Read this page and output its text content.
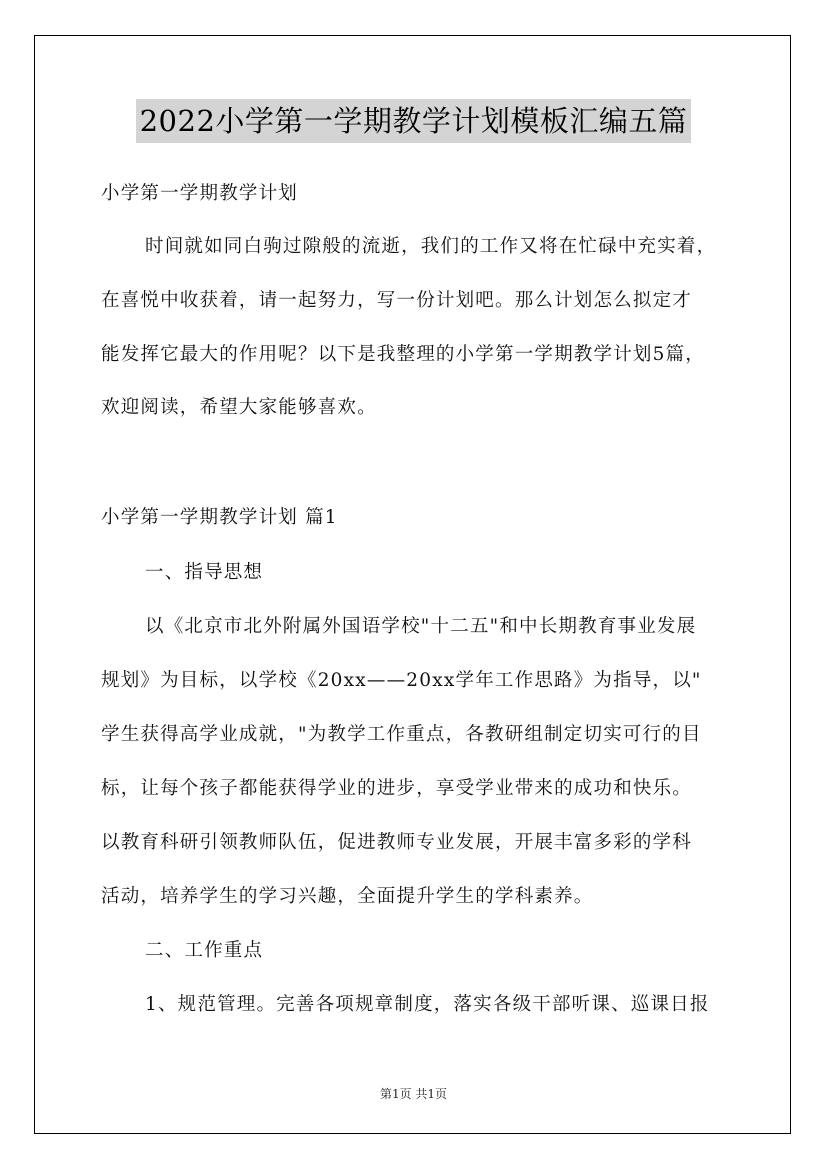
2022小学第一学期教学计划模板汇编五篇
小学第一学期教学计划
时间就如同白驹过隙般的流逝，我们的工作又将在忙碌中充实着，
在喜悦中收获着，请一起努力，写一份计划吧。那么计划怎么拟定才
能发挥它最大的作用呢？以下是我整理的小学第一学期教学计划5篇，
欢迎阅读，希望大家能够喜欢。
小学第一学期教学计划 篇1
一、指导思想
以《北京市北外附属外国语学校"十二五"和中长期教育事业发展
规划》为目标，以学校《20xx——20xx学年工作思路》为指导，以"
学生获得高学业成就，"为教学工作重点，各教研组制定切实可行的目
标，让每个孩子都能获得学业的进步，享受学业带来的成功和快乐。
以教育科研引领教师队伍，促进教师专业发展，开展丰富多彩的学科
活动，培养学生的学习兴趣，全面提升学生的学科素养。
二、工作重点
1、规范管理。完善各项规章制度，落实各级干部听课、巡课日报
第1页 共1页
